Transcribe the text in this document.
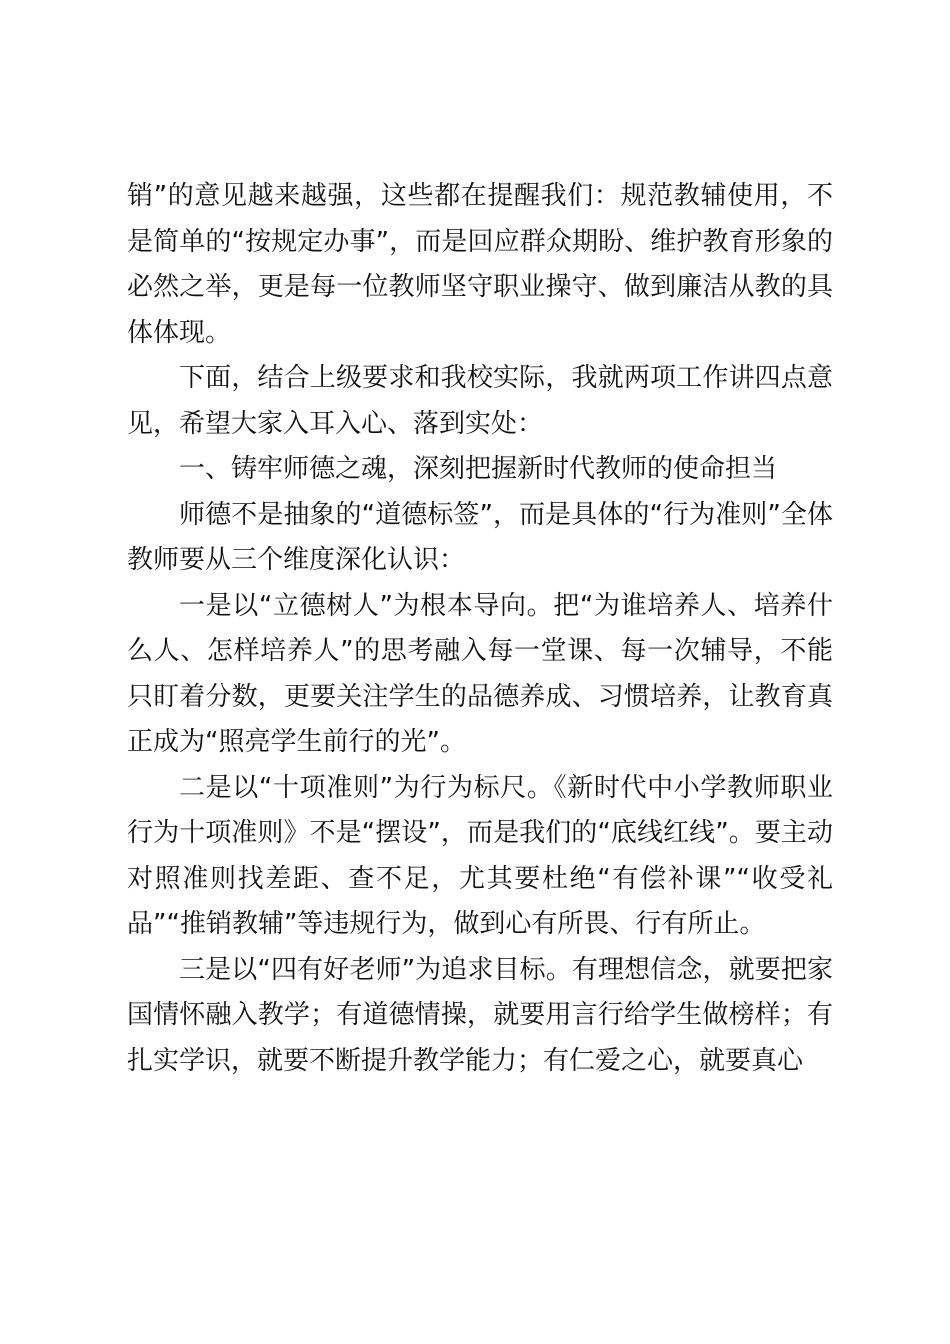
销”的意见越来越强，这些都在提醒我们：规范教辅使用，不是简单的“按规定办事”，而是回应群众期盼、维护教育形象的必然之举，更是每一位教师坚守职业操守、做到廉洁从教的具体体现。

下面，结合上级要求和我校实际，我就两项工作讲四点意见，希望大家入耳入心、落到实处：

一、铸牢师德之魂，深刻把握新时代教师的使命担当

师德不是抽象的“道德标签”，而是具体的“行为准则”全体教师要从三个维度深化认识：

一是以“立德树人”为根本导向。把“为谁培养人、培养什么人、怎样培养人”的思考融入每一堂课、每一次辅导，不能只盯着分数，更要关注学生的品德养成、习惯培养，让教育真正成为“照亮学生前行的光”。

二是以“十项准则”为行为标尺。《新时代中小学教师职业行为十项准则》不是“摆设”，而是我们的“底线红线”。要主动对照准则找差距、查不足，尤其要杜绝“有偿补课”“收受礼品”“推销教辅”等违规行为，做到心有所畏、行有所止。

三是以“四有好老师”为追求目标。有理想信念，就要把家国情怀融入教学；有道德情操，就要用言行给学生做榜样；有扎实学识，就要不断提升教学能力；有仁爱之心，就要真心
